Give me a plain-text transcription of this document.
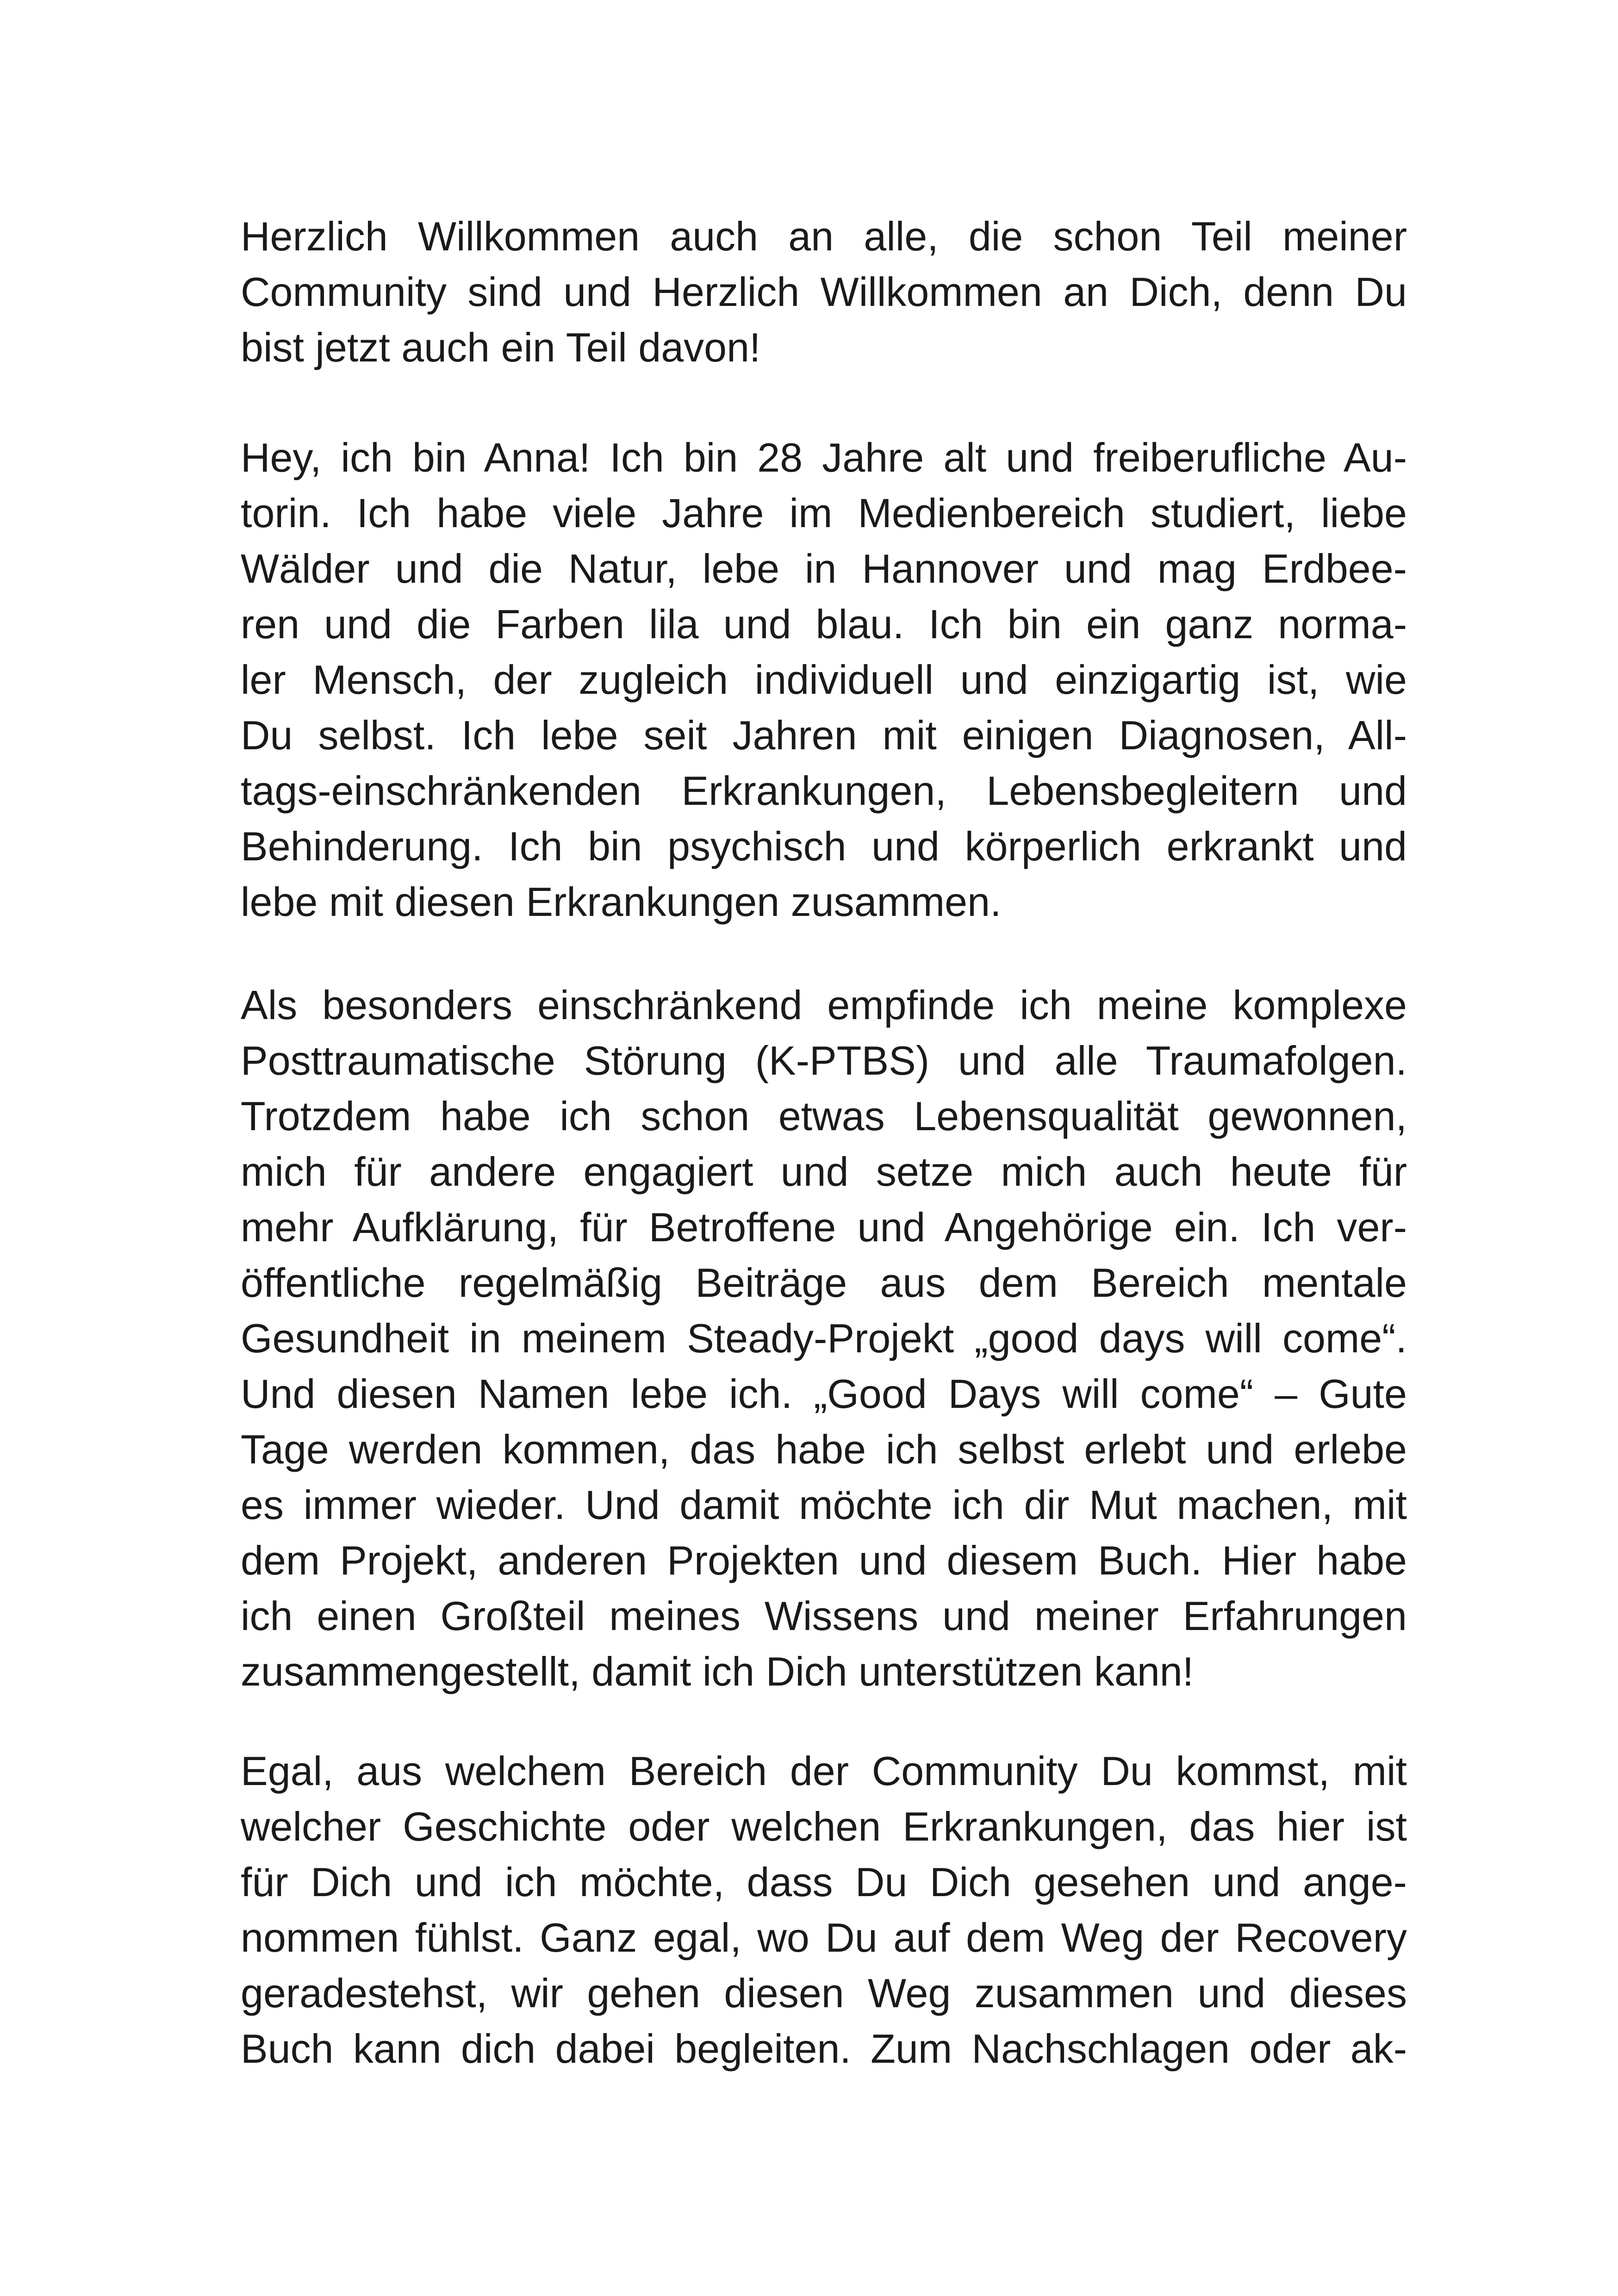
Herzlich Willkommen auch an alle, die schon Teil meiner
Community sind und Herzlich Willkommen an Dich, denn Du
bist jetzt auch ein Teil davon!
Hey, ich bin Anna! Ich bin 28 Jahre alt und freiberufliche Au-
torin. Ich habe viele Jahre im Medienbereich studiert, liebe
Wälder und die Natur, lebe in Hannover und mag Erdbee-
ren und die Farben lila und blau. Ich bin ein ganz norma-
ler Mensch, der zugleich individuell und einzigartig ist, wie
Du selbst. Ich lebe seit Jahren mit einigen Diagnosen, All-
tags-einschränkenden Erkrankungen, Lebensbegleitern und
Behinderung. Ich bin psychisch und körperlich erkrankt und
lebe mit diesen Erkrankungen zusammen.
Als besonders einschränkend empfinde ich meine komplexe
Posttraumatische Störung (K-PTBS) und alle Traumafolgen.
Trotzdem habe ich schon etwas Lebensqualität gewonnen,
mich für andere engagiert und setze mich auch heute für
mehr Aufklärung, für Betroffene und Angehörige ein. Ich ver-
öffentliche regelmäßig Beiträge aus dem Bereich mentale
Gesundheit in meinem Steady-Projekt „good days will come“.
Und diesen Namen lebe ich. „Good Days will come“ – Gute
Tage werden kommen, das habe ich selbst erlebt und erlebe
es immer wieder. Und damit möchte ich dir Mut machen, mit
dem Projekt, anderen Projekten und diesem Buch. Hier habe
ich einen Großteil meines Wissens und meiner Erfahrungen
zusammengestellt, damit ich Dich unterstützen kann!
Egal, aus welchem Bereich der Community Du kommst, mit
welcher Geschichte oder welchen Erkrankungen, das hier ist
für Dich und ich möchte, dass Du Dich gesehen und ange-
nommen fühlst. Ganz egal, wo Du auf dem Weg der Recovery
geradestehst, wir gehen diesen Weg zusammen und dieses
Buch kann dich dabei begleiten. Zum Nachschlagen oder ak-
